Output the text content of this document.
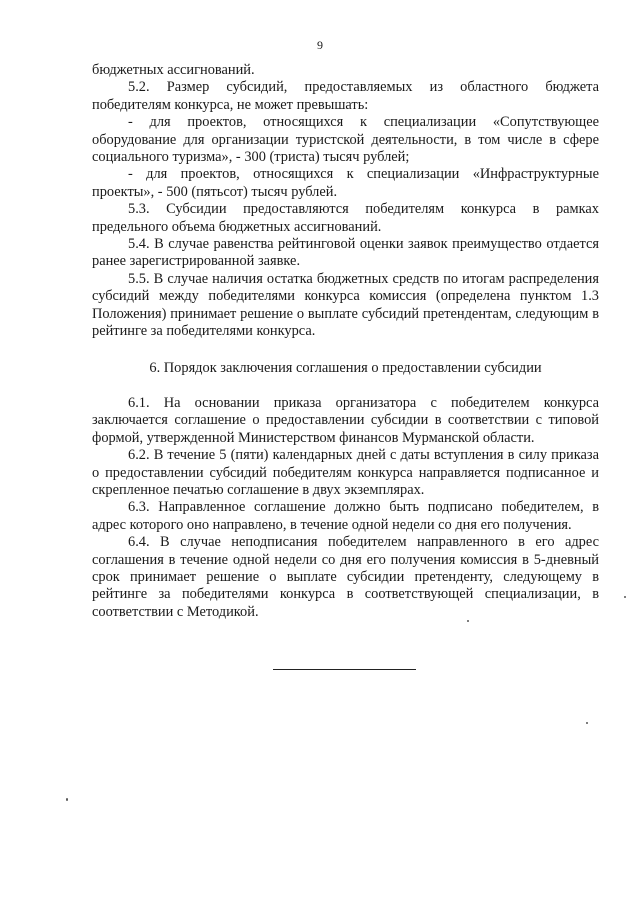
9

бюджетных ассигнований.

5.2. Размер субсидий, предоставляемых из областного бюджета победителям конкурса, не может превышать:

- для проектов, относящихся к специализации «Сопутствующее оборудование для организации туристской деятельности, в том числе в сфере социального туризма», - 300 (триста) тысяч рублей;

- для проектов, относящихся к специализации «Инфраструктурные проекты», - 500 (пятьсот) тысяч рублей.

5.3. Субсидии предоставляются победителям конкурса в рамках предельного объема бюджетных ассигнований.

5.4. В случае равенства рейтинговой оценки заявок преимущество отдается ранее зарегистрированной заявке.

5.5. В случае наличия остатка бюджетных средств по итогам распределения субсидий между победителями конкурса комиссия (определена пунктом 1.3 Положения) принимает решение о выплате субсидий претендентам, следующим в рейтинге за победителями конкурса.

6. Порядок заключения соглашения о предоставлении субсидии

6.1. На основании приказа организатора с победителем конкурса заключается соглашение о предоставлении субсидии в соответствии с типовой формой, утвержденной Министерством финансов Мурманской области.

6.2. В течение 5 (пяти) календарных дней с даты вступления в силу приказа о предоставлении субсидий победителям конкурса направляется подписанное и скрепленное печатью соглашение в двух экземплярах.

6.3. Направленное соглашение должно быть подписано победителем, в адрес которого оно направлено, в течение одной недели со дня его получения.

6.4. В случае неподписания победителем направленного в его адрес соглашения в течение одной недели со дня его получения комиссия в 5-дневный срок принимает решение о выплате субсидии претенденту, следующему в рейтинге за победителями конкурса в соответствующей специализации, в соответствии с Методикой.
